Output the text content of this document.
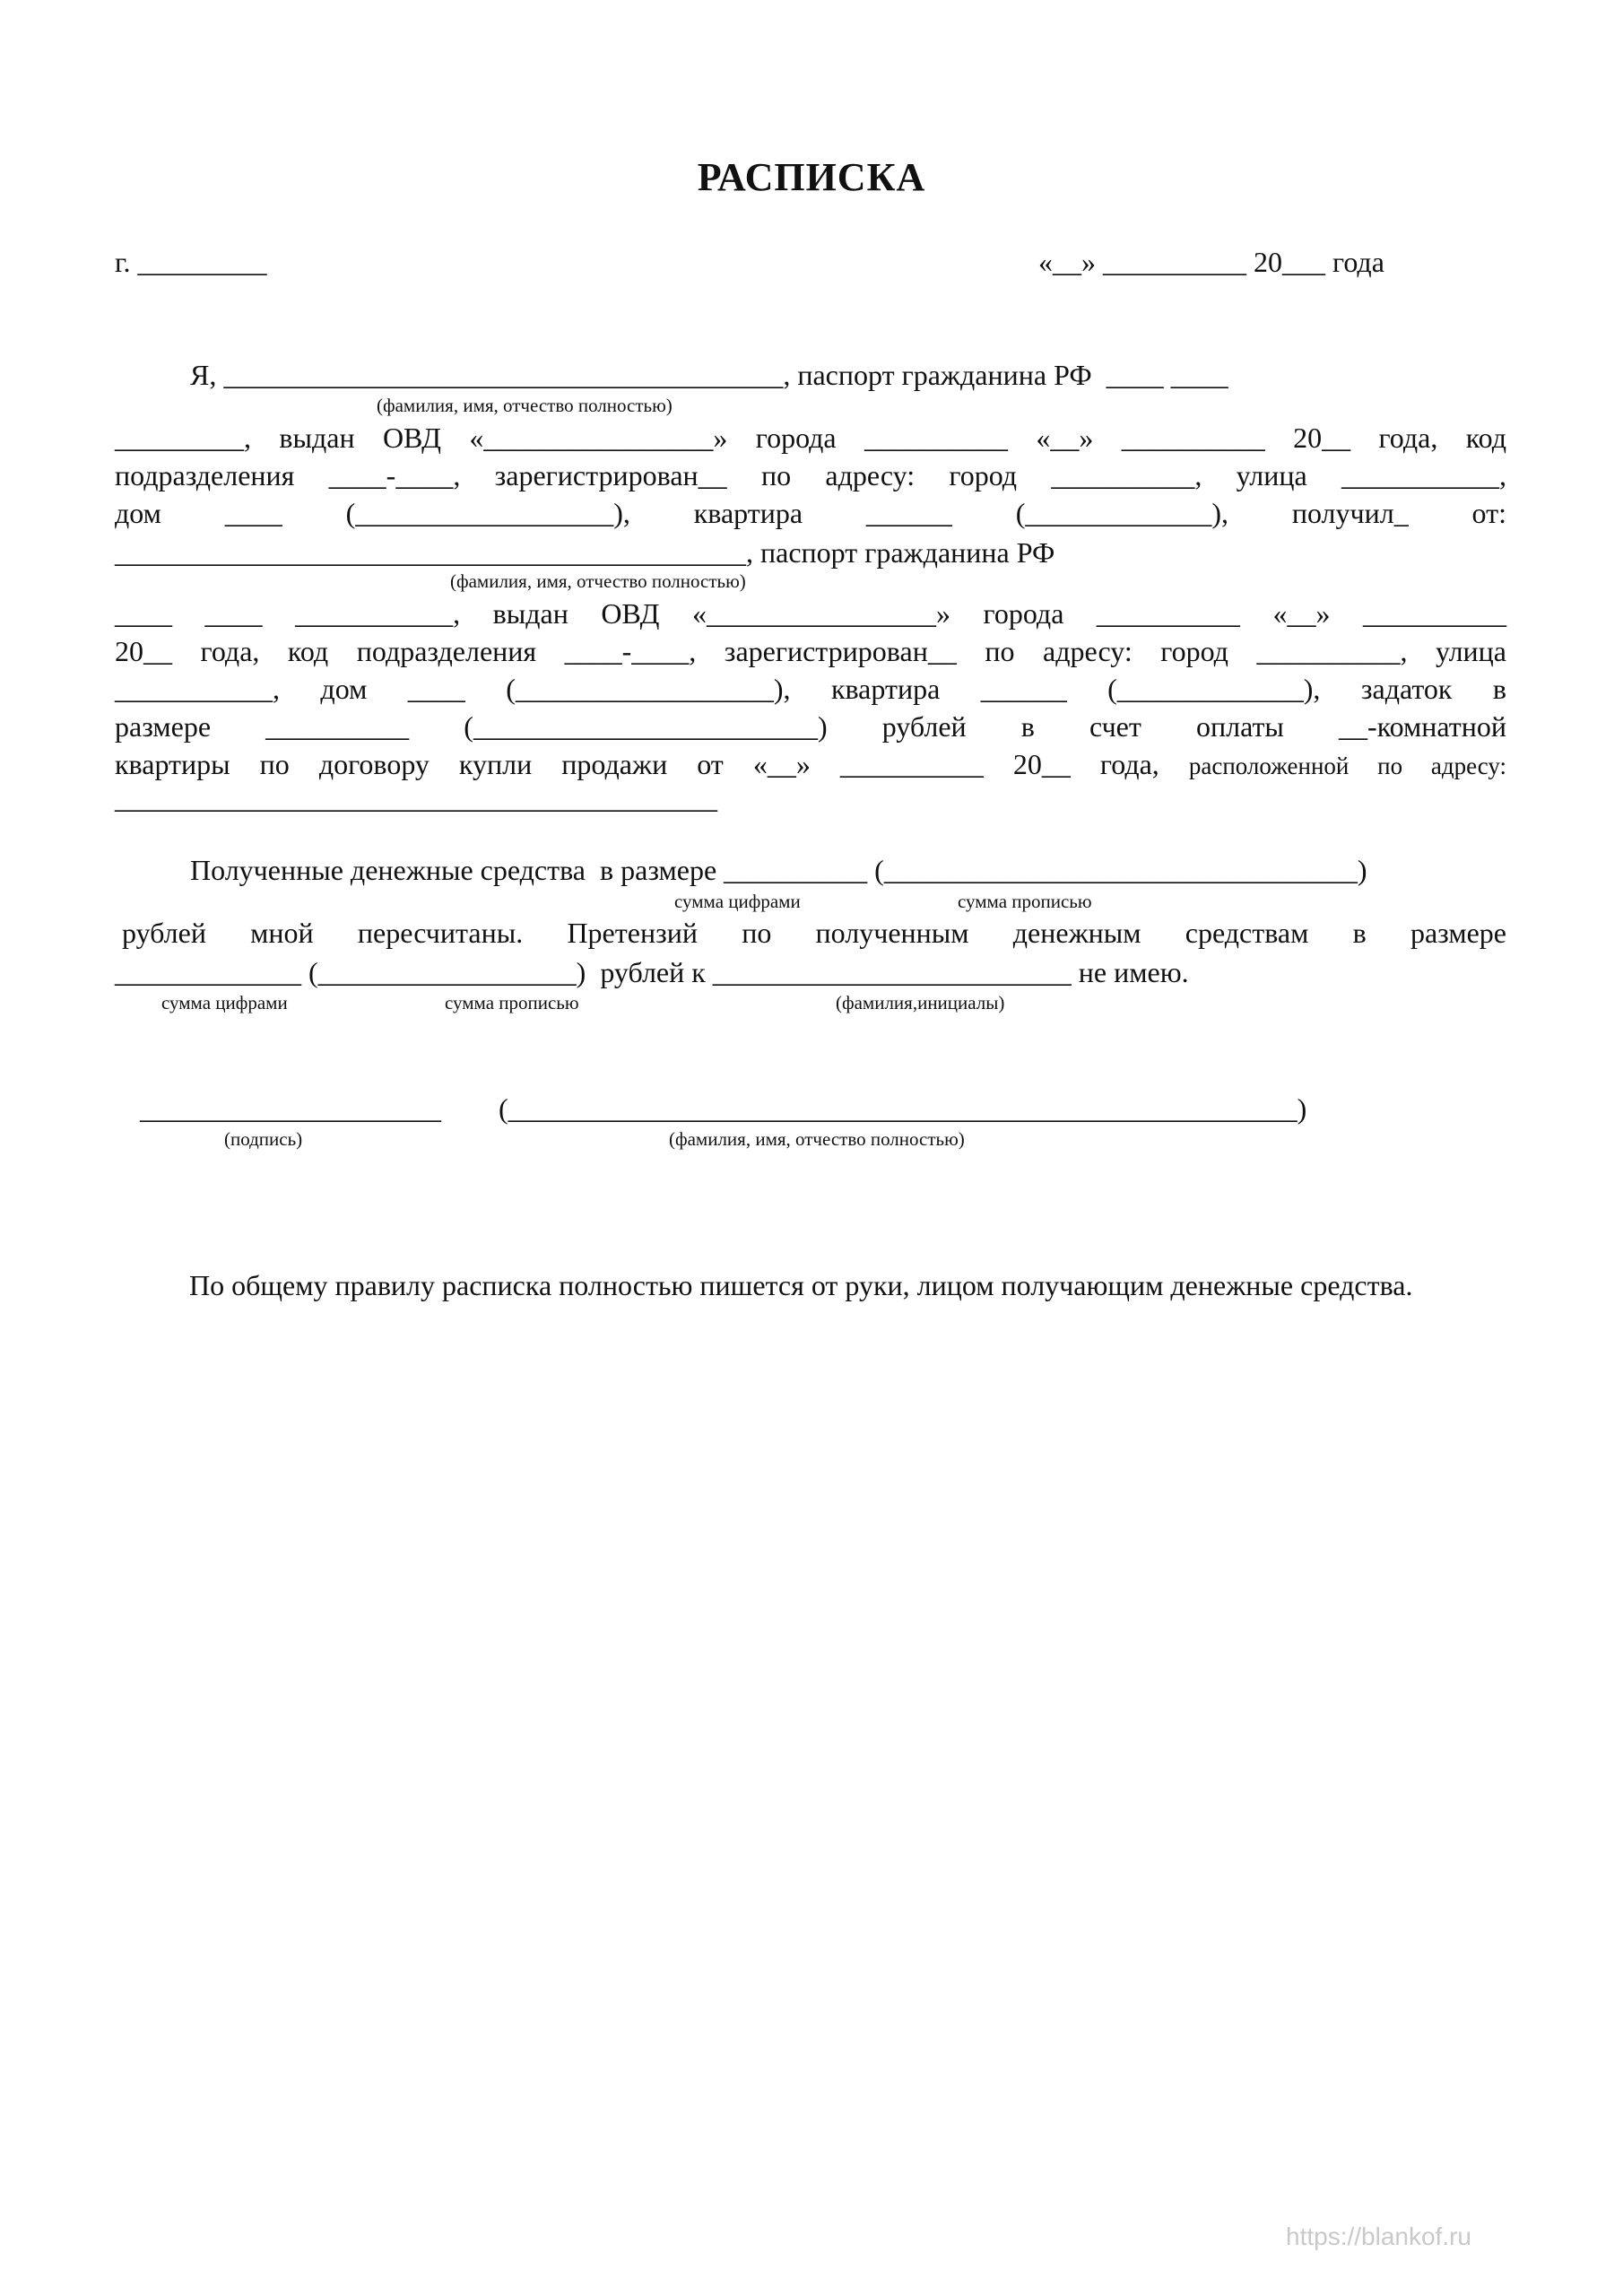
РАСПИСКА
г. _________	«__» __________ 20___ года
Я, _______________________________________, паспорт гражданина РФ  ____ ____
(фамилия, имя, отчество полностью)
_________, выдан ОВД «________________» города __________ «__» __________ 20__ года, код
подразделения ____-____, зарегистрирован__ по адресу: город __________, улица ___________,
дом ____ (__________________), квартира ______ (_____________), получил_ от:
____________________________________________, паспорт гражданина РФ
(фамилия, имя, отчество полностью)
____ ____ ___________, выдан ОВД «________________» города __________ «__» __________
20__ года, код подразделения ____-____, зарегистрирован__ по адресу: город __________, улица
___________, дом ____ (__________________), квартира ______ (_____________), задаток в
размере __________ (________________________) рублей в счет оплаты __-комнатной
квартиры по договору купли продажи от «__» __________ 20__ года, расположенной по адресу:
__________________________________________
Полученные денежные средства  в размере __________ (_________________________________)
сумма цифрами	сумма прописью
рублей мной пересчитаны. Претензий по полученным денежным средствам в размере
_____________ (__________________)  рублей к _________________________ не имею.
сумма цифрами	сумма прописью	(фамилия,инициалы)
_____________________ (_______________________________________________________)
(подпись)	(фамилия, имя, отчество полностью)
По общему правилу расписка полностью пишется от руки, лицом получающим денежные средства.
https://blankof.ru
